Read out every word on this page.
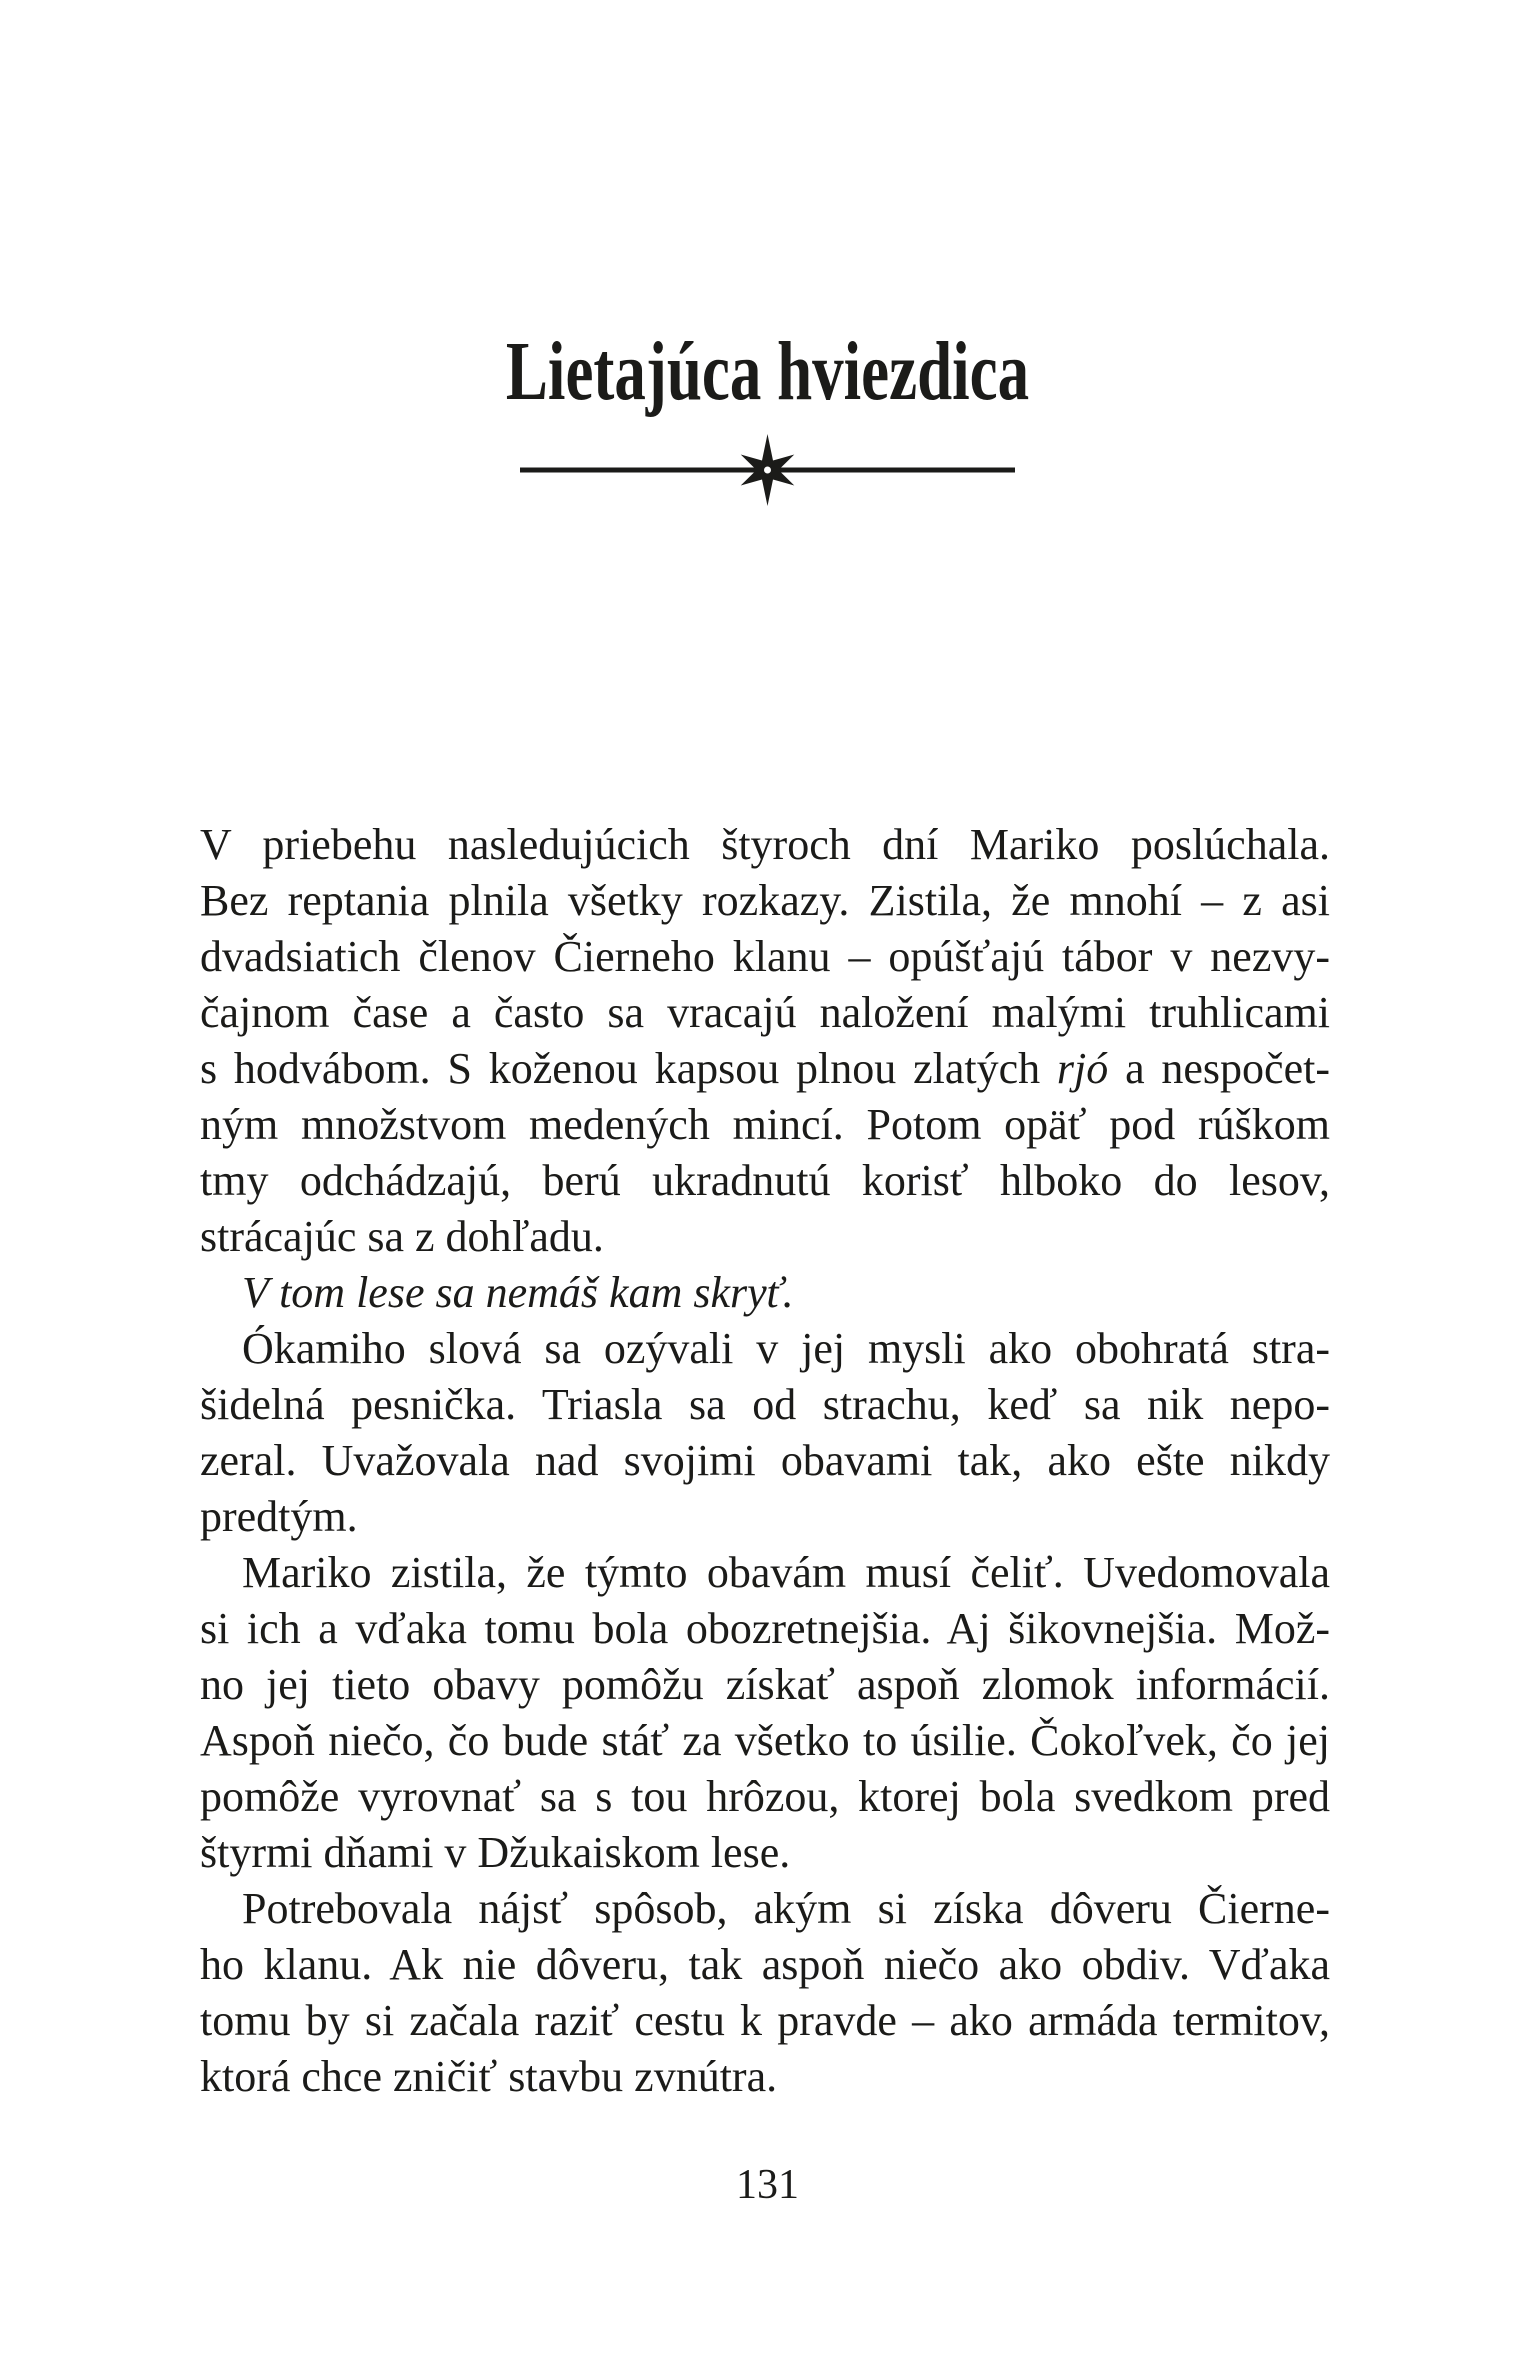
Lietajúca hviezdica
V priebehu nasledujúcich štyroch dní Mariko poslúchala.
Bez reptania plnila všetky rozkazy. Zistila, že mnohí – z asi
dvadsiatich členov Čierneho klanu – opúšťajú tábor v nezvy-
čajnom čase a často sa vracajú naložení malými truhlicami
s hodvábom. S koženou kapsou plnou zlatých rjó a nespočet-
ným množstvom medených mincí. Potom opäť pod rúškom
tmy odchádzajú, berú ukradnutú korisť hlboko do lesov,
strácajúc sa z dohľadu.
V tom lese sa nemáš kam skryť.
Ókamiho slová sa ozývali v jej mysli ako obohratá stra-
šidelná pesnička. Triasla sa od strachu, keď sa nik nepo-
zeral. Uvažovala nad svojimi obavami tak, ako ešte nikdy
predtým.
Mariko zistila, že týmto obavám musí čeliť. Uvedomovala
si ich a vďaka tomu bola obozretnejšia. Aj šikovnejšia. Mož-
no jej tieto obavy pomôžu získať aspoň zlomok informácií.
Aspoň niečo, čo bude stáť za všetko to úsilie. Čokoľvek, čo jej
pomôže vyrovnať sa s tou hrôzou, ktorej bola svedkom pred
štyrmi dňami v Džukaiskom lese.
Potrebovala nájsť spôsob, akým si získa dôveru Čierne-
ho klanu. Ak nie dôveru, tak aspoň niečo ako obdiv. Vďaka
tomu by si začala raziť cestu k pravde – ako armáda termitov,
ktorá chce zničiť stavbu zvnútra.
131
